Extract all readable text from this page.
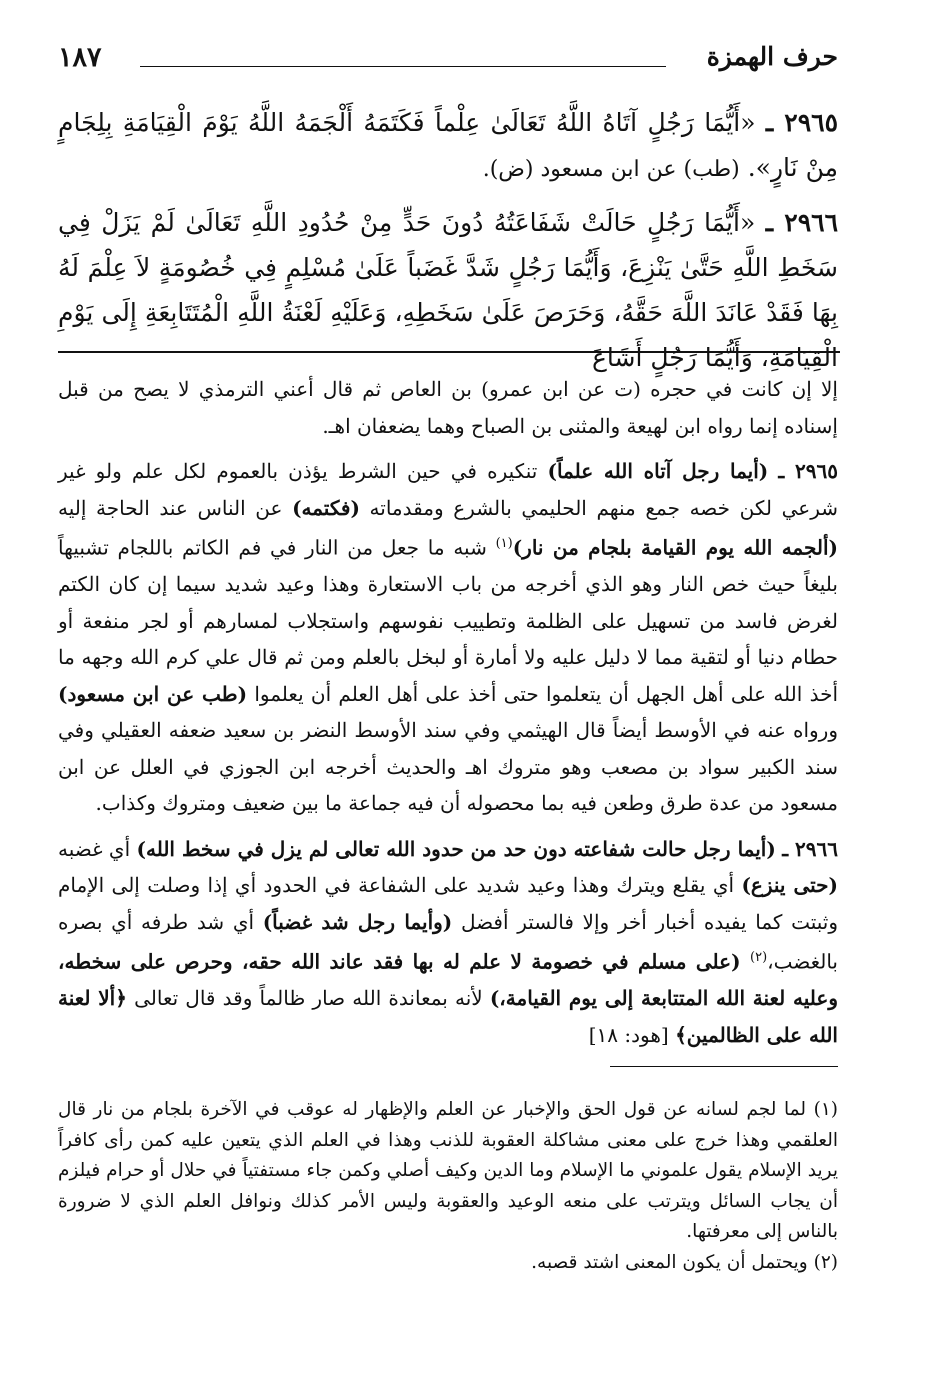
١٨٧	حرف الهمزة

٢٩٦٥ ـ «أَيُّمَا رَجُلٍ آتَاهُ اللَّهُ تَعَالَىٰ عِلْماً فَكَتَمَهُ أَلْجَمَهُ اللَّهُ يَوْمَ الْقِيَامَةِ بِلِجَامٍ مِنْ نَارٍ». (طب) عن ابن مسعود (ض).

٢٩٦٦ ـ «أَيُّمَا رَجُلٍ حَالَتْ شَفَاعَتُهُ دُونَ حَدٍّ مِنْ حُدُودِ اللَّهِ تَعَالَىٰ لَمْ يَزَلْ فِي سَخَطِ اللَّهِ حَتَّىٰ يَنْزِعَ، وَأَيُّمَا رَجُلٍ شَدَّ غَضَباً عَلَىٰ مُسْلِمٍ فِي خُصُومَةٍ لاَ عِلْمَ لَهُ بِهَا فَقَدْ عَانَدَ اللَّهَ حَقَّهُ، وَحَرَصَ عَلَىٰ سَخَطِهِ، وَعَلَيْهِ لَعْنَةُ اللَّهِ الْمُتَتَابِعَةِ إِلَى يَوْمِ الْقِيَامَةِ، وَأَيُّمَا رَجُلٍ أَشَاعَ

إلا إن كانت في حجره (ت عن ابن عمرو) بن العاص ثم قال أعني الترمذي لا يصح من قبل إسناده إنما رواه ابن لهيعة والمثنى بن الصباح وهما يضعفان اهـ.

٢٩٦٥ ـ (أيما رجل آتاه الله علماً) تنكيره في حين الشرط يؤذن بالعموم لكل علم ولو غير شرعي لكن خصه جمع منهم الحليمي بالشرع ومقدماته (فكتمه) عن الناس عند الحاجة إليه (ألجمه الله يوم القيامة بلجام من نار)$^{(١)}$ شبه ما جعل من النار في فم الكاتم باللجام تشبيهاً بليغاً حيث خص النار وهو الذي أخرجه من باب الاستعارة وهذا وعيد شديد سيما إن كان الكتم لغرض فاسد من تسهيل على الظلمة وتطييب نفوسهم واستجلاب لمسارهم أو لجر منفعة أو حطام دنيا أو لتقية مما لا دليل عليه ولا أمارة أو لبخل بالعلم ومن ثم قال علي كرم الله وجهه ما أخذ الله على أهل الجهل أن يتعلموا حتى أخذ على أهل العلم أن يعلموا (طب عن ابن مسعود) ورواه عنه في الأوسط أيضاً قال الهيثمي وفي سند الأوسط النضر بن سعيد ضعفه العقيلي وفي سند الكبير سواد بن مصعب وهو متروك اهـ والحديث أخرجه ابن الجوزي في العلل عن ابن مسعود من عدة طرق وطعن فيه بما محصوله أن فيه جماعة ما بين ضعيف ومتروك وكذاب.

٢٩٦٦ ـ (أيما رجل حالت شفاعته دون حد من حدود الله تعالى لم يزل في سخط الله) أي غضبه (حتى ينزع) أي يقلع ويترك وهذا وعيد شديد على الشفاعة في الحدود أي إذا وصلت إلى الإمام وثبتت كما يفيده أخبار أخر وإلا فالستر أفضل (وأيما رجل شد غضباً) أي شد طرفه أي بصره بالغضب،$^{(٢)}$ (على مسلم في خصومة لا علم له بها فقد عاند الله حقه، وحرص على سخطه، وعليه لعنة الله المتتابعة إلى يوم القيامة،) لأنه بمعاندة الله صار ظالماً وقد قال تعالى ﴿ألا لعنة الله على الظالمين﴾ [هود: ١٨]

(١) لما لجم لسانه عن قول الحق والإخبار عن العلم والإظهار له عوقب في الآخرة بلجام من نار قال العلقمي وهذا خرج على معنى مشاكلة العقوبة للذنب وهذا في العلم الذي يتعين عليه كمن رأى كافراً يريد الإسلام يقول علموني ما الإسلام وما الدين وكيف أصلي وكمن جاء مستفتياً في حلال أو حرام فيلزم أن يجاب السائل ويترتب على منعه الوعيد والعقوبة وليس الأمر كذلك ونوافل العلم الذي لا ضرورة بالناس إلى معرفتها.

(٢) ويحتمل أن يكون المعنى اشتد قصبه.
